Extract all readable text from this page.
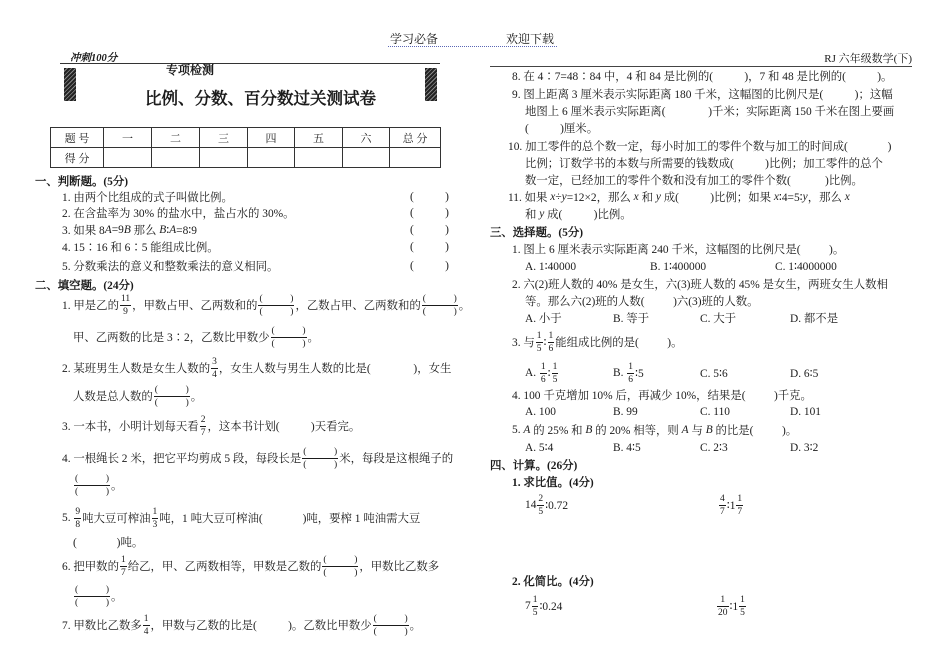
学习必备	欢迎下载
冲刺100分
专项检测
比例、分数、百分数过关测试卷
题 号	一	二	三	四	五	六	总 分
得 分							
RJ 六年级数学(下)
一、判断题。(5分)
1. 由两个比组成的式子叫做比例。	(           )
2. 在含盐率为 30% 的盐水中，盐占水的 30%。	(           )
3. 如果 8 A =9 B 那么 B ∶ A =8∶9	(           )
4. 15∶16 和 6∶5 能组成比例。	(           )
5. 分数乘法的意义和整数乘法的意义相同。	(           )
二、填空题。(24分)
1. 甲是乙的 $\frac{11}{9}$ ，甲数占甲、乙两数和的 $\frac{( )}{( )}$ ，乙数占甲、乙两数和的 $\frac{( )}{( )}$ 。
甲、乙两数的比是 3∶2，乙数比甲数少 $\frac{( )}{( )}$ 。
2. 某班男生人数是女生人数的 $\frac{3}{4}$ ，女生人数与男生人数的比是(               )，女生
人数是总人数的 $\frac{( )}{( )}$ 。
3. 一本书，小明计划每天看 $\frac{2}{7}$ ，这本书计划(           )天看完。
4. 一根绳长 2 米，把它平均剪成 5 段，每段长是 $\frac{( )}{( )}$ 米，每段是这根绳子的
$\frac{( )}{( )}$ 。
5. $\frac{9}{8}$ 吨大豆可榨油 $\frac{1}{3}$ 吨，1 吨大豆可榨油(              )吨，要榨 1 吨油需大豆
(              )吨。
6. 把甲数的 $\frac{1}{7}$ 给乙，甲、乙两数相等，甲数是乙数的 $\frac{( )}{( )}$ ，甲数比乙数多
$\frac{( )}{( )}$ 。
7. 甲数比乙数多 $\frac{1}{4}$ ，甲数与乙数的比是(           )。乙数比甲数少 $\frac{( )}{( )}$ 。
8. 在 4∶7=48∶84 中，4 和 84 是比例的(           )，7 和 48 是比例的(           )。
9. 图上距离 3 厘米表示实际距离 180 千米，这幅图的比例尺是(           )；这幅
地图上 6 厘米表示实际距离(               )千米；实际距离 150 千米在图上要画
(           )厘米。
10. 加工零件的总个数一定，每小时加工的零件个数与加工的时间成(              )
比例；订数学书的本数与所需要的钱数成(           )比例；加工零件的总个
数一定，已经加工的零件个数和没有加工的零件个数(            )比例。
11. 如果 x ÷ y =12×2，那么 x 和 y 成(           )比例；如果 x ∶4=5∶ y ，那么 x
和 y 成(           )比例。
三、选择题。(5分)
1. 图上 6 厘米表示实际距离 240 千米，这幅图的比例尺是(          )。
A. 1∶40000	B. 1∶400000	C. 1∶4000000
2. 六(2)班人数的 40% 是女生，六(3)班人数的 45% 是女生，两班女生人数相
等。那么六(2)班的人数(          )六(3)班的人数。
A. 小于	B. 等于	C. 大于	D. 都不是
3. 与 $\frac{1}{5}$ ∶ $\frac{1}{6}$ 能组成比例的是(          )。
A. $\frac{1}{6}$ ∶ $\frac{1}{5}$	B. $\frac{1}{6}$ ∶5	C. 5∶6	D. 6∶5
4. 100 千克增加 10% 后，再减少 10%，结果是(          )千克。
A. 100	B. 99	C. 110	D. 101
5. A 的 25% 和 B 的 20% 相等，则 A 与 B 的比是(          )。
A. 5∶4	B. 4∶5	C. 2∶3	D. 3∶2
四、计算。(26分)
1. 求比值。(4分)
$14 \frac{2}{5}$ ∶0.72	$\frac{4}{7}$ ∶1 $\frac{1}{7}$
2. 化简比。(4分)
$7 \frac{1}{5}$ ∶0.24	$\frac{1}{20}$ ∶1 $\frac{1}{5}$
